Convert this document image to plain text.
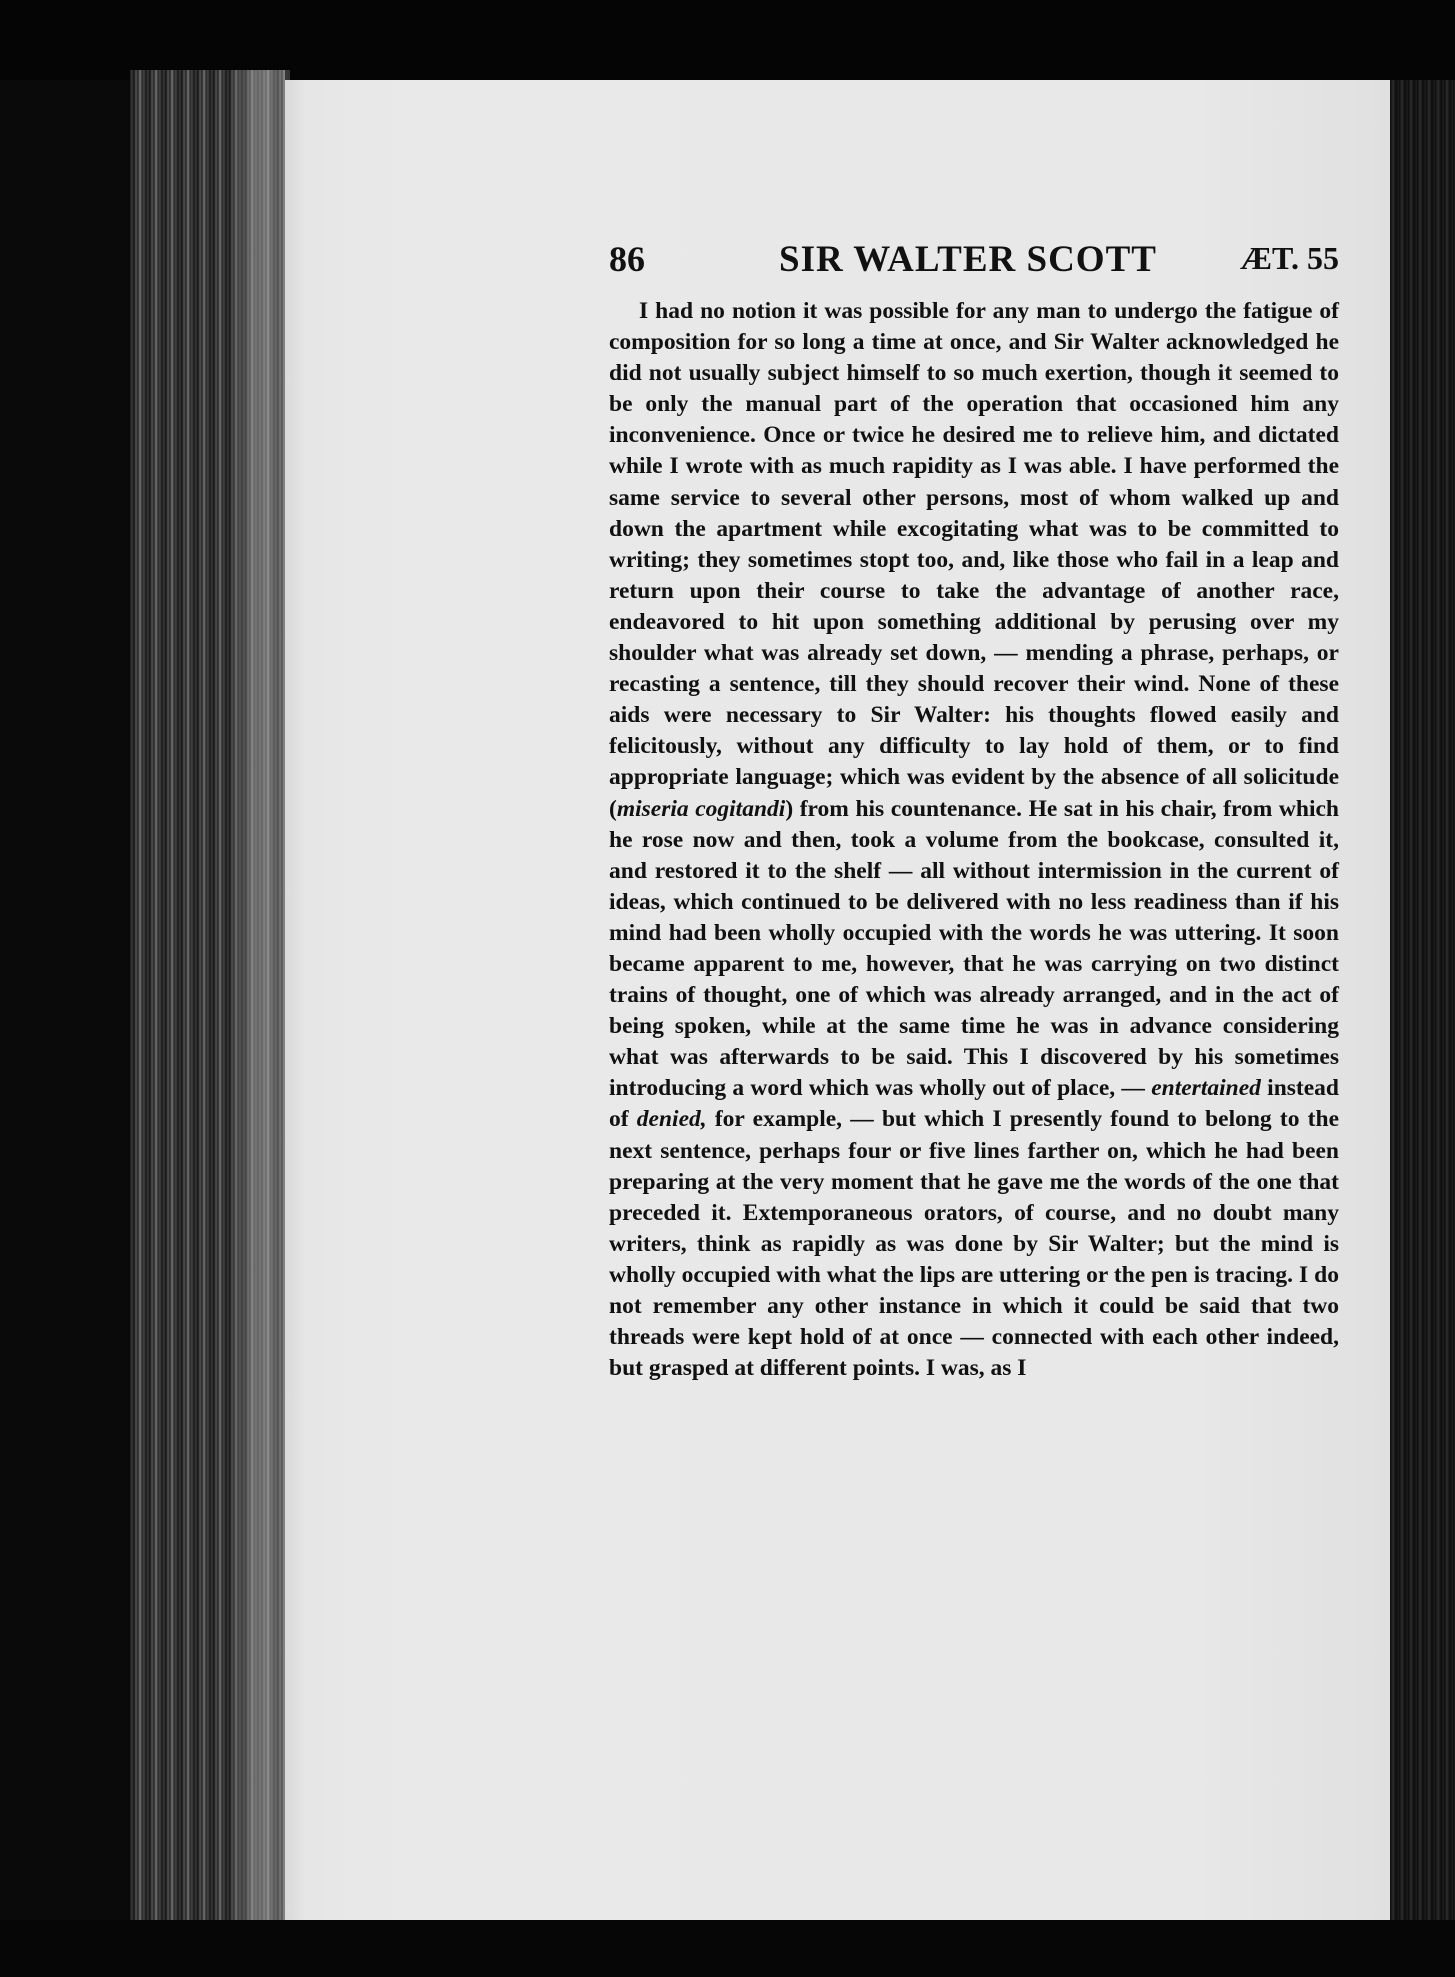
86	SIR WALTER SCOTT	ÆT. 55

I had no notion it was possible for any man to undergo the fatigue of composition for so long a time at once, and Sir Walter acknowledged he did not usually subject himself to so much exertion, though it seemed to be only the manual part of the operation that occasioned him any inconvenience. Once or twice he desired me to relieve him, and dictated while I wrote with as much rapidity as I was able. I have performed the same service to several other persons, most of whom walked up and down the apartment while excogitating what was to be committed to writing; they sometimes stopt too, and, like those who fail in a leap and return upon their course to take the advantage of another race, endeavored to hit upon something additional by perusing over my shoulder what was already set down, — mending a phrase, perhaps, or recasting a sentence, till they should recover their wind. None of these aids were necessary to Sir Walter: his thoughts flowed easily and felicitously, without any difficulty to lay hold of them, or to find appropriate language; which was evident by the absence of all solicitude (miseria cogitandi) from his countenance. He sat in his chair, from which he rose now and then, took a volume from the bookcase, consulted it, and restored it to the shelf — all without intermission in the current of ideas, which continued to be delivered with no less readiness than if his mind had been wholly occupied with the words he was uttering. It soon became apparent to me, however, that he was carrying on two distinct trains of thought, one of which was already arranged, and in the act of being spoken, while at the same time he was in advance considering what was afterwards to be said. This I discovered by his sometimes introducing a word which was wholly out of place, — entertained instead of denied, for example, — but which I presently found to belong to the next sentence, perhaps four or five lines farther on, which he had been preparing at the very moment that he gave me the words of the one that preceded it. Extemporaneous orators, of course, and no doubt many writers, think as rapidly as was done by Sir Walter; but the mind is wholly occupied with what the lips are uttering or the pen is tracing. I do not remember any other instance in which it could be said that two threads were kept hold of at once — connected with each other indeed, but grasped at different points. I was, as I
